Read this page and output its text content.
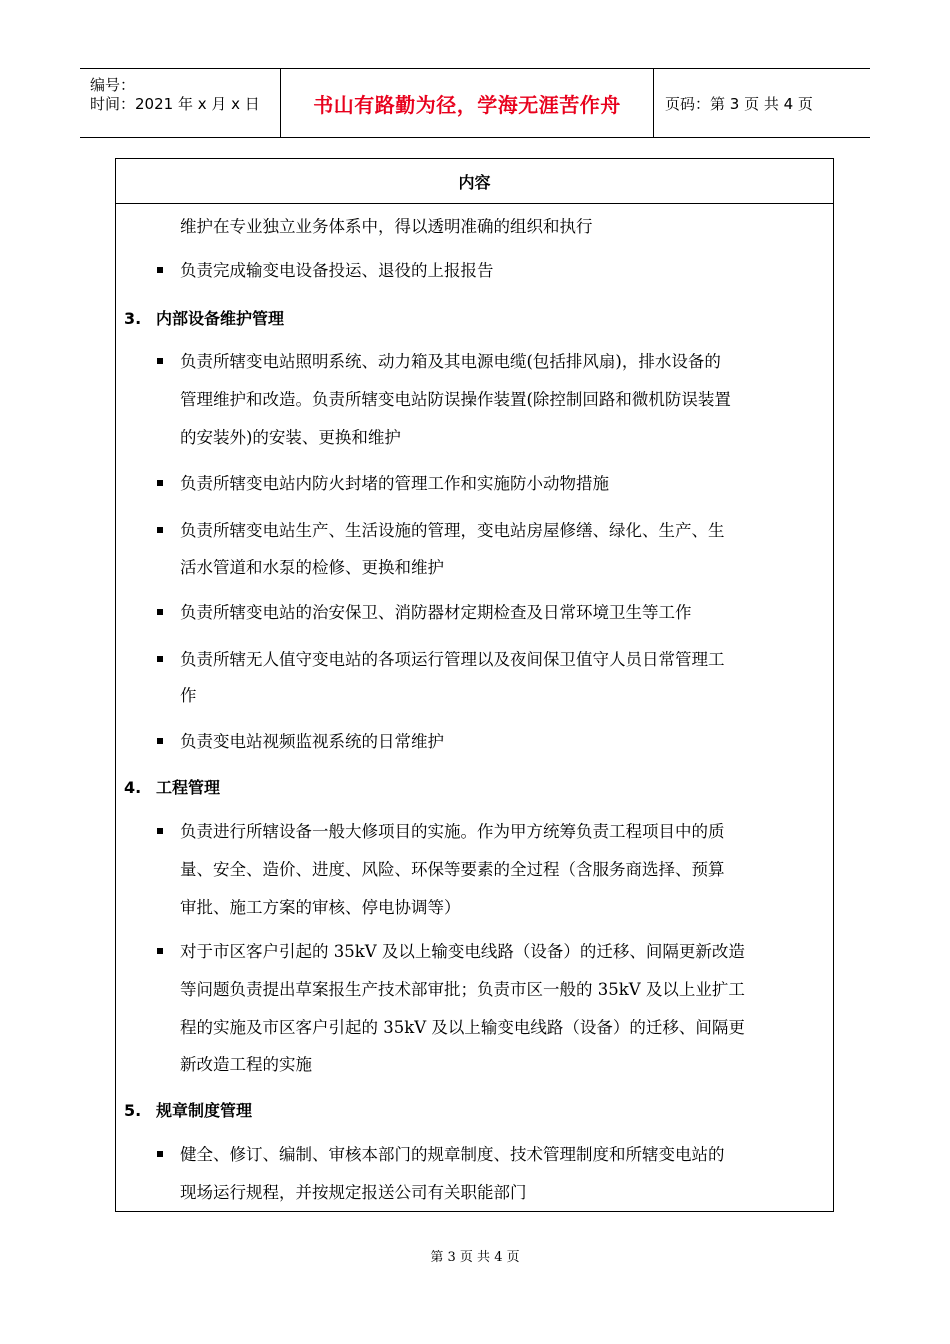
编号：
时间：2021 年 x 月 x 日	书山有路勤为径，学海无涯苦作舟	页码：第 3 页 共 4 页
内容
维护在专业独立业务体系中，得以透明准确的组织和执行
负责完成输变电设备投运、退役的上报报告
3. 内部设备维护管理
负责所辖变电站照明系统、动力箱及其电源电缆(包括排风扇)，排水设备的
管理维护和改造。负责所辖变电站防误操作装置(除控制回路和微机防误装置
的安装外)的安装、更换和维护
负责所辖变电站内防火封堵的管理工作和实施防小动物措施
负责所辖变电站生产、生活设施的管理，变电站房屋修缮、绿化、生产、生
活水管道和水泵的检修、更换和维护
负责所辖变电站的治安保卫、消防器材定期检查及日常环境卫生等工作
负责所辖无人值守变电站的各项运行管理以及夜间保卫值守人员日常管理工
作
负责变电站视频监视系统的日常维护
4. 工程管理
负责进行所辖设备一般大修项目的实施。作为甲方统筹负责工程项目中的质
量、安全、造价、进度、风险、环保等要素的全过程（含服务商选择、预算
审批、施工方案的审核、停电协调等）
对于市区客户引起的 35kV 及以上输变电线路（设备）的迁移、间隔更新改造
等问题负责提出草案报生产技术部审批；负责市区一般的 35kV 及以上业扩工
程的实施及市区客户引起的 35kV 及以上输变电线路（设备）的迁移、间隔更
新改造工程的实施
5. 规章制度管理
健全、修订、编制、审核本部门的规章制度、技术管理制度和所辖变电站的
现场运行规程，并按规定报送公司有关职能部门
第 3 页 共 4 页
